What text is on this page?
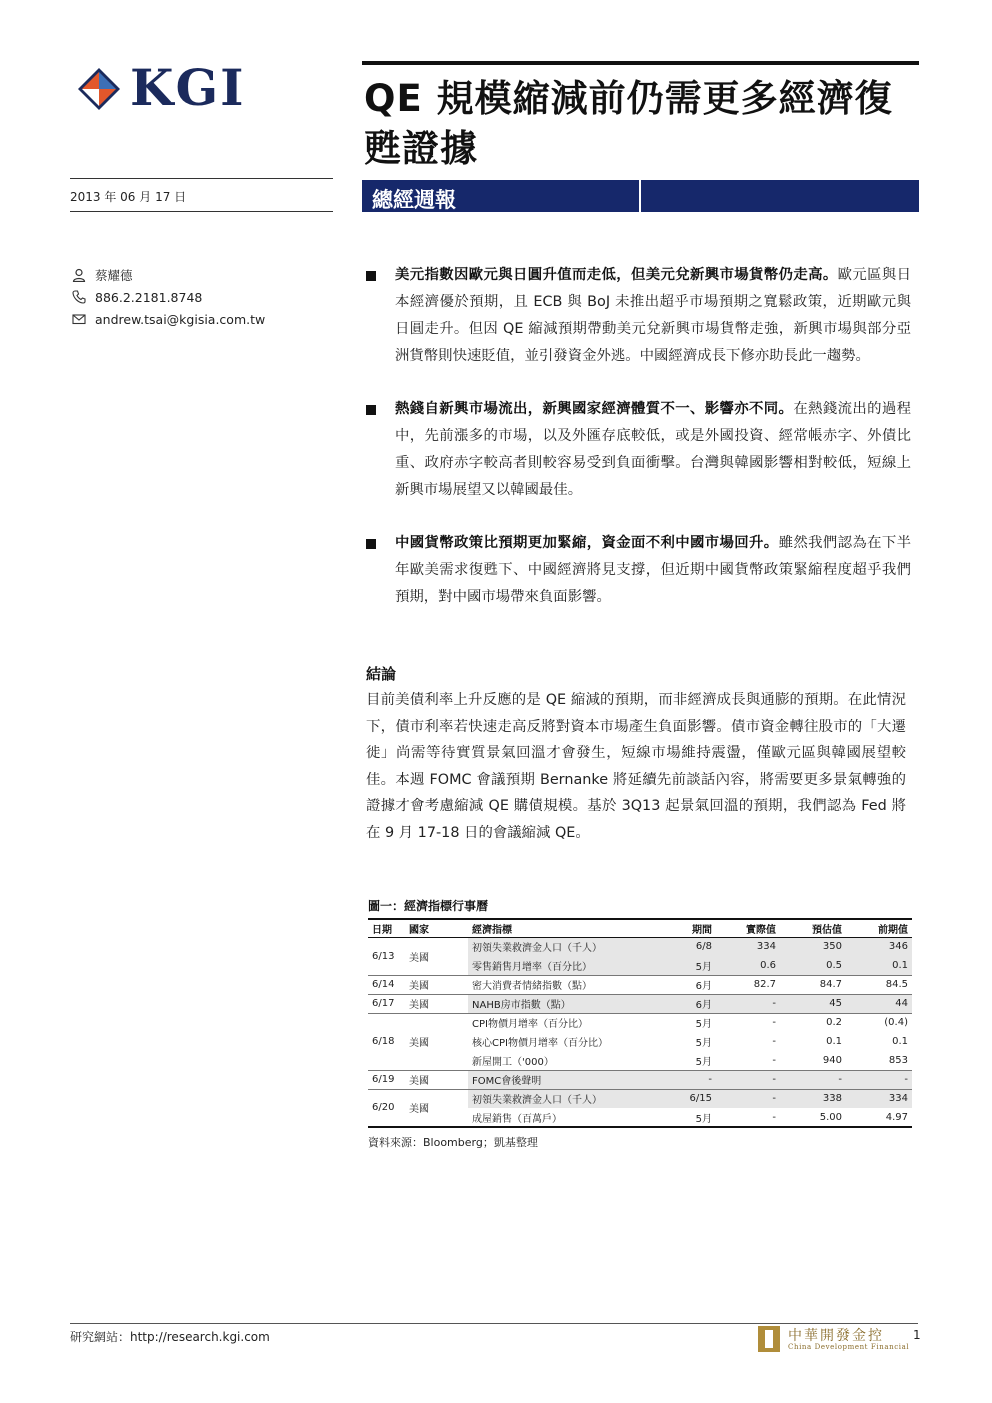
KGI
2013 年 06 月 17 日
QE 規模縮減前仍需更多經濟復甦證據
總經週報
蔡耀德
886.2.2181.8748
andrew.tsai@kgisia.com.tw
美元指數因歐元與日圓升值而走低，但美元兌新興市場貨幣仍走高。歐元區與日本經濟優於預期，且 ECB 與 BoJ 未推出超乎市場預期之寬鬆政策，近期歐元與日圓走升。但因 QE 縮減預期帶動美元兌新興市場貨幣走強，新興市場與部分亞洲貨幣則快速貶值，並引發資金外逃。中國經濟成長下修亦助長此一趨勢。
熱錢自新興市場流出，新興國家經濟體質不一、影響亦不同。在熱錢流出的過程中，先前漲多的市場，以及外匯存底較低，或是外國投資、經常帳赤字、外債比重、政府赤字較高者則較容易受到負面衝擊。台灣與韓國影響相對較低，短線上新興市場展望又以韓國最佳。
中國貨幣政策比預期更加緊縮，資金面不利中國市場回升。雖然我們認為在下半年歐美需求復甦下、中國經濟將見支撐，但近期中國貨幣政策緊縮程度超乎我們預期，對中國市場帶來負面影響。
結論
目前美債利率上升反應的是 QE 縮減的預期，而非經濟成長與通膨的預期。在此情況下，債市利率若快速走高反將對資本市場產生負面影響。債市資金轉往股市的「大遷徙」尚需等待實質景氣回溫才會發生，短線市場維持震盪，僅歐元區與韓國展望較佳。本週 FOMC 會議預期 Bernanke 將延續先前談話內容，將需要更多景氣轉強的證據才會考慮縮減 QE 購債規模。基於 3Q13 起景氣回溫的預期，我們認為 Fed 將在 9 月 17-18 日的會議縮減 QE。
圖一：經濟指標行事曆
日期	國家	經濟指標	期間	實際值	預估值	前期值
6/13	美國	初領失業救濟金人口（千人）	6/8	334	350	346
		零售銷售月增率（百分比）	5月	0.6	0.5	0.1
6/14	美國	密大消費者情緒指數（點）	6月	82.7	84.7	84.5
6/17	美國	NAHB房市指數（點）	6月	-	45	44
6/18	美國	CPI物價月增率（百分比）	5月	-	0.2	(0.4)
		核心CPI物價月增率（百分比）	5月	-	0.1	0.1
		新屋開工（'000）	5月	-	940	853
6/19	美國	FOMC會後聲明	-	-	-	-
6/20	美國	初領失業救濟金人口（千人）	6/15	-	338	334
		成屋銷售（百萬戶）	5月	-	5.00	4.97
資料來源：Bloomberg；凱基整理
研究網站：http://research.kgi.com	中華開發金控
China Development Financial
1
